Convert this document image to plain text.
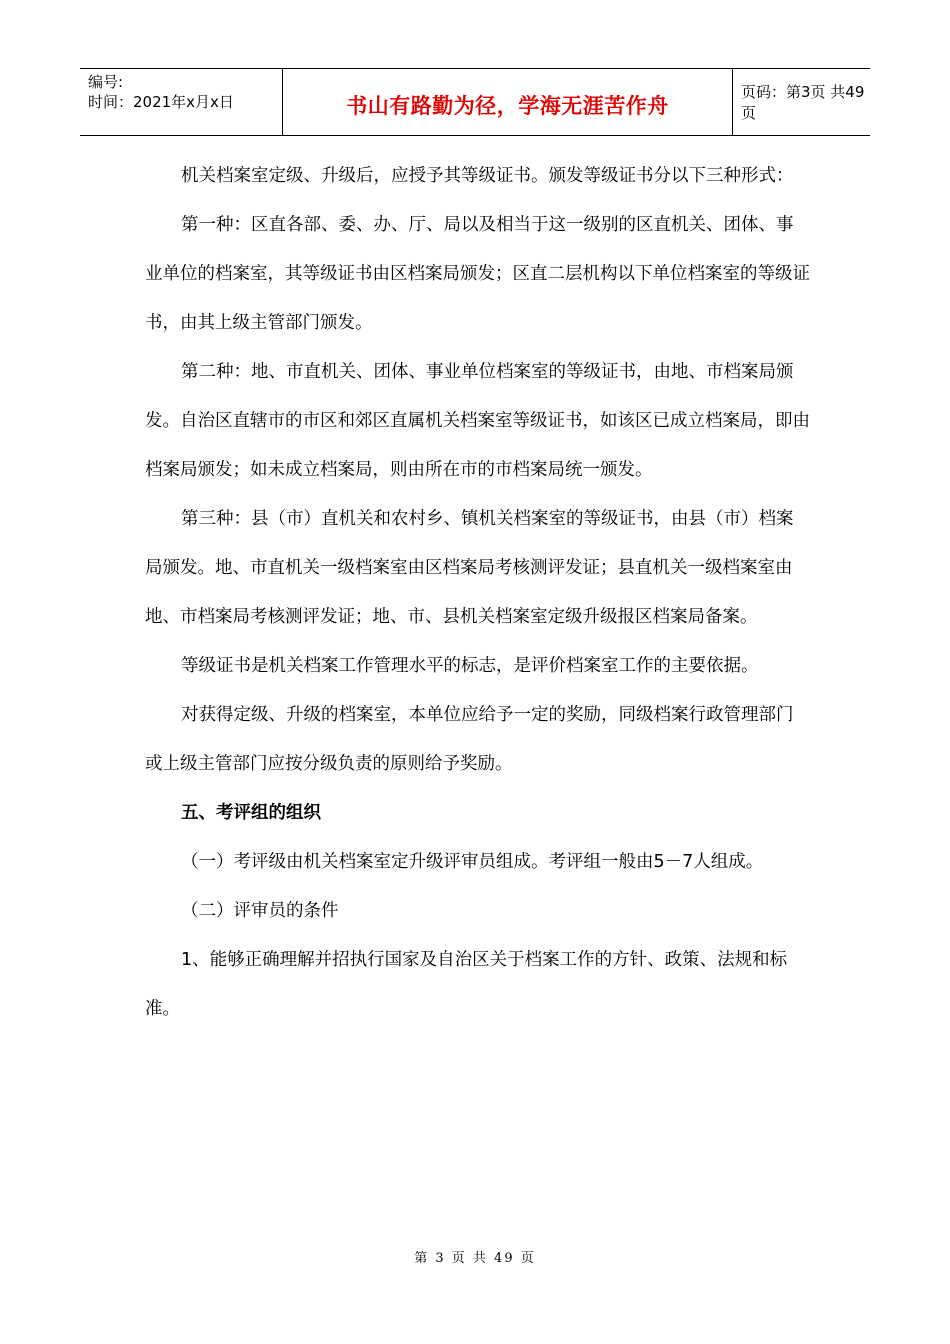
编号:
时间：2021年x月x日	书山有路勤为径，学海无涯苦作舟
页码：第3页 共49页

机关档案室定级、升级后，应授予其等级证书。颁发等级证书分以下三种形式：

第一种：区直各部、委、办、厅、局以及相当于这一级别的区直机关、团体、事业单位的档案室，其等级证书由区档案局颁发；区直二层机构以下单位档案室的等级证书，由其上级主管部门颁发。

第二种：地、市直机关、团体、事业单位档案室的等级证书，由地、市档案局颁发。自治区直辖市的市区和郊区直属机关档案室等级证书，如该区已成立档案局，即由档案局颁发；如未成立档案局，则由所在市的市档案局统一颁发。

第三种：县（市）直机关和农村乡、镇机关档案室的等级证书，由县（市）档案局颁发。地、市直机关一级档案室由区档案局考核测评发证；县直机关一级档案室由地、市档案局考核测评发证；地、市、县机关档案室定级升级报区档案局备案。

等级证书是机关档案工作管理水平的标志，是评价档案室工作的主要依据。

对获得定级、升级的档案室，本单位应给予一定的奖励，同级档案行政管理部门或上级主管部门应按分级负责的原则给予奖励。

五、考评组的组织

（一）考评级由机关档案室定升级评审员组成。考评组一般由5－7人组成。

（二）评审员的条件

1、能够正确理解并招执行国家及自治区关于档案工作的方针、政策、法规和标准。

第 3 页 共 49 页
